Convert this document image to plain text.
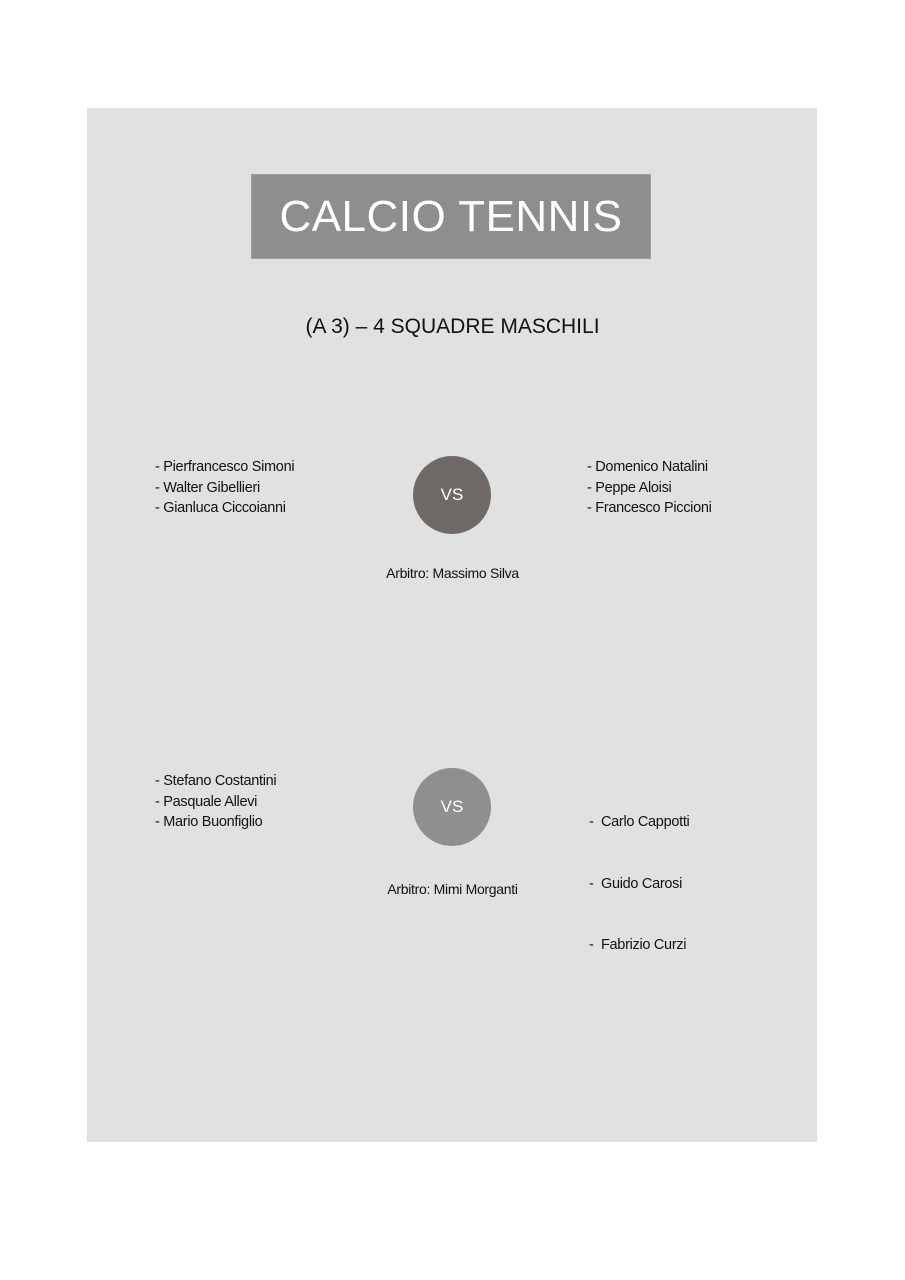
CALCIO TENNIS
(A 3) – 4 SQUADRE MASCHILI
- Pierfrancesco Simoni
- Walter Gibellieri
- Gianluca Ciccoianni
VS
- Domenico Natalini
- Peppe Aloisi
- Francesco Piccioni
Arbitro: Massimo Silva
- Stefano Costantini
- Pasquale Allevi
- Mario Buonfiglio
VS

-  Carlo Cappotti

-  Guido Carosi

-  Fabrizio Curzi

Arbitro: Mimi Morganti
